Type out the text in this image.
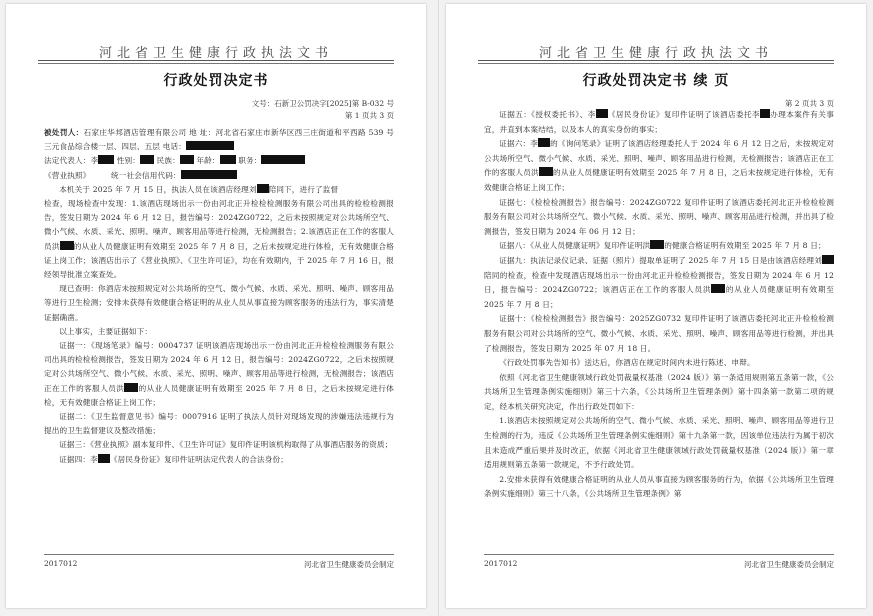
河北省卫生健康行政执法文书
行政处罚决定书
文号：石新卫公罚决字[2025]第 B-032 号
第 1 页共 3 页

被处罚人：石家庄华邦酒店管理有限公司 地 址：河北省石家庄市新华区西三庄街道和平西路 539 号三元食品综合楼一层、四层、五层 电话：

法定代表人：李 性别： 民族： 年龄： 职务：

《营业执照》	统一社会信用代码：

本机关于 2025 年 7 月 15 日，执法人员在该酒店经理刘 陪同下，进行了监督

检查，现场检查中发现：1.该酒店现场出示一份由河北正升检检检测服务有限公司出具的检检检测报告，签发日期为 2024 年 6 月 12 日，报告编号：2024ZG0722，之后未按照规定对公共场所空气、微小气候、水质、采光、照明、噪声、顾客用品等进行检测，无检测报告；2.该酒店正在工作的客服人员洪 的从业人员健康证明有效期至 2025 年 7 月 8 日，之后未按规定进行体检，无有效健康合格证上岗工作；该酒店出示了《营业执照》、《卫生许可证》，均在有效期内，于 2025 年 7 月 16 日，报经领导批准立案查处。

现已查明：你酒店未按照规定对公共场所的空气、微小气候、水质、采光、照明、噪声、顾客用品等进行卫生检测；安排未获得有效健康合格证明的从业人员从事直接为顾客服务的违法行为，事实清楚证据确凿。

以上事实，主要证据如下：

证据一：《现场笔录》编号：0004737 证明该酒店现场出示一份由河北正升检检检测服务有限公司出具的检检检测报告，签发日期为 2024 年 6 月 12 日，报告编号：2024ZG0722，之后未按照规定对公共场所空气、微小气候、水质、采光、照明、噪声、顾客用品等进行检测，无检测报告；该酒店正在工作的客服人员洪 的从业人员健康证明有效期至 2025 年 7 月 8 日，之后未按规定进行体检，无有效健康合格证上岗工作；

证据二：《卫生监督意见书》编号：0007916 证明了执法人员针对现场发现的涉嫌违法违规行为提出的卫生监督建议及整改措施；

证据三：《营业执照》副本复印件、《卫生许可证》复印件证明该机构取得了从事酒店服务的资质；

证据四：李 《居民身份证》复印件证明法定代表人的合法身份；

2017012	河北省卫生健康委员会制定
河北省卫生健康行政执法文书
行政处罚决定书 续 页
第 2 页共 3 页

证据五：《授权委托书》、李 《居民身份证》复印件证明了该酒店委托李 办理本案件有关事宜，并直到本案结结，以及本人的真实身份的事实；

证据六：李 的《询问笔录》证明了该酒店经理委托人于 2024 年 6 月 12 日之后，未按规定对公共场所空气、微小气候、水质、采光、照明、噪声、顾客用品进行检测，无检测报告；该酒店正在工作的客服人员洪 的从业人员健康证明有效期至 2025 年 7 月 8 日，之后未按规定进行体检，无有效健康合格证上岗工作；

证据七：《检检检测报告》报告编号：2024ZG0722 复印件证明了该酒店委托河北正升检检检测服务有限公司对公共场所空气、微小气候、水质、采光、照明、噪声、顾客用品进行检测，并出具了检测报告，签发日期为 2024 年 06 月 12 日；

证据八：《从业人员健康证明》复印件证明洪 的健康合格证明有效期至 2025 年 7 月 8 日；

证据九：执法记录仪记录、证据（照片）提取单证明了 2025 年 7 月 15 日是由该酒店经理刘陪同的检查，检查中发现酒店现场出示一份由河北正升检检检测报告，签发日期为 2024 年 6 月 12 日，报告编号：2024ZG0722；该酒店正在工作的客服人员洪 的从业人员健康证明有效期至 2025 年 7 月 8 日；

证据十：《检检检测报告》报告编号：2025ZG0732 复印件证明了该酒店委托河北正升检检检测服务有限公司对公共场所的空气、微小气候、水质、采光、照明、噪声、顾客用品等进行检测，并出具了检测报告，签发日期为 2025 年 07 月 18 日。

《行政处罚事先告知书》送达后，你酒店在规定时间内未进行陈述、申辩。

依照《河北省卫生健康领域行政处罚裁量权基准（2024 版）》第一条适用规则第五条第一款，《公共场所卫生管理条例实施细则》第三十六条，《公共场所卫生管理条例》第十四条第一款第二项的规定，经本机关研究决定，作出行政处罚如下：

1.该酒店未按照规定对公共场所的空气、微小气候、水质、采光、照明、噪声、顾客用品等进行卫生检测的行为，违反《公共场所卫生管理条例实施细则》第十九条第一款，因该单位违法行为属于初次且未造成严重后果并及时改正，依据《河北省卫生健康领域行政处罚裁量权基准（2024 版）》第一章适用规则第五条第一款规定，不予行政处罚。

2.安排未获得有效健康合格证明的从业人员从事直接为顾客服务的行为，依据《公共场所卫生管理条例实施细则》第三十八条，《公共场所卫生管理条例》第

2017012	河北省卫生健康委员会制定
